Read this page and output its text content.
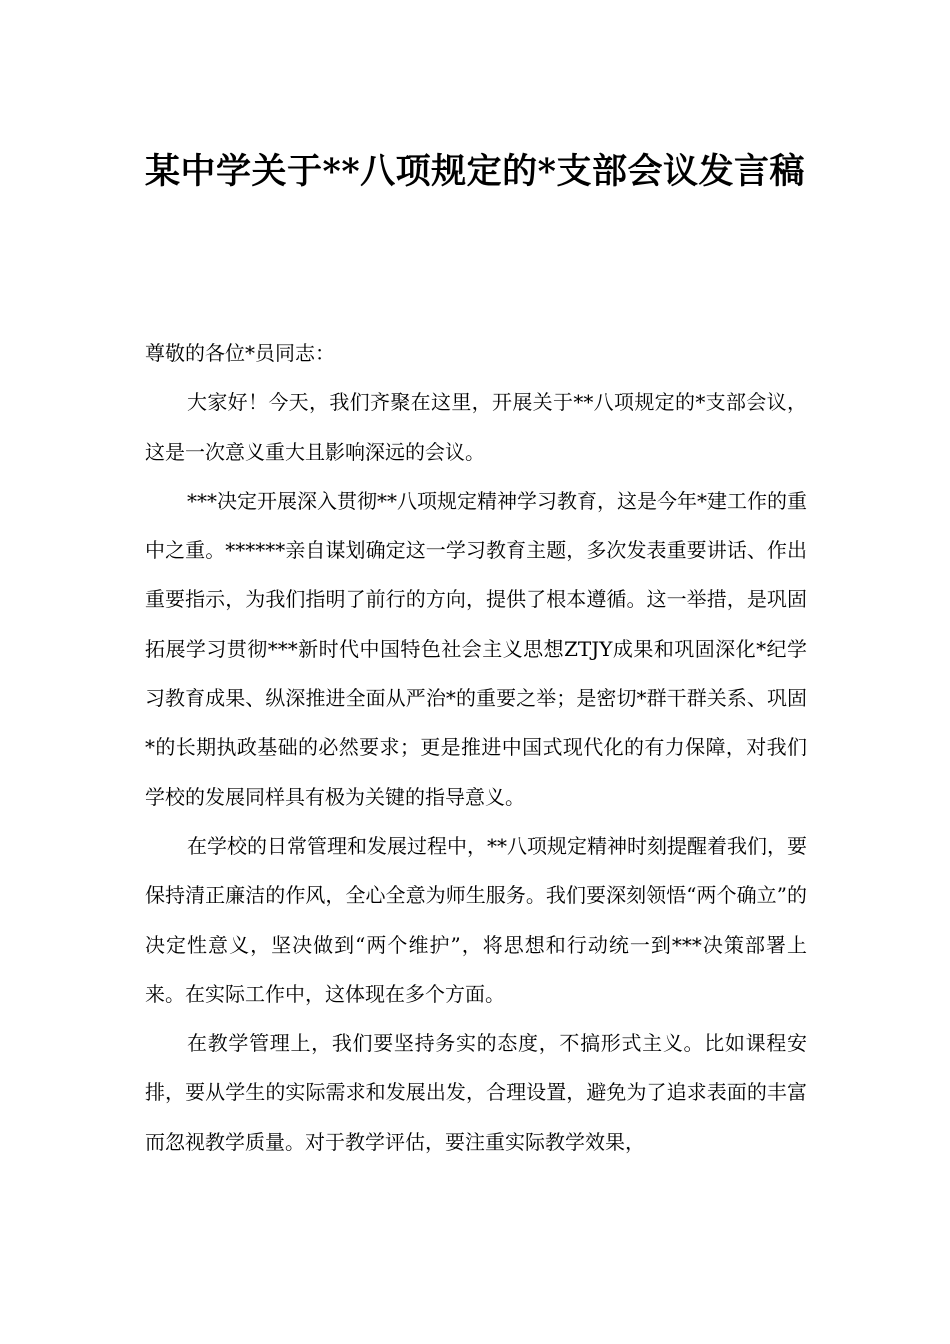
某中学关于**八项规定的*支部会议发言稿

尊敬的各位*员同志：

大家好！今天，我们齐聚在这里，开展关于**八项规定的*支部会议，这是一次意义重大且影响深远的会议。

***决定开展深入贯彻**八项规定精神学习教育，这是今年*建工作的重中之重。******亲自谋划确定这一学习教育主题，多次发表重要讲话、作出重要指示，为我们指明了前行的方向，提供了根本遵循。这一举措，是巩固拓展学习贯彻***新时代中国特色社会主义思想ZTJY成果和巩固深化*纪学习教育成果、纵深推进全面从严治*的重要之举；是密切*群干群关系、巩固*的长期执政基础的必然要求；更是推进中国式现代化的有力保障，对我们学校的发展同样具有极为关键的指导意义。

在学校的日常管理和发展过程中，**八项规定精神时刻提醒着我们，要保持清正廉洁的作风，全心全意为师生服务。我们要深刻领悟“两个确立”的决定性意义，坚决做到“两个维护”，将思想和行动统一到***决策部署上来。在实际工作中，这体现在多个方面。

在教学管理上，我们要坚持务实的态度，不搞形式主义。比如课程安排，要从学生的实际需求和发展出发，合理设置，避免为了追求表面的丰富而忽视教学质量。对于教学评估，要注重实际教学效果，
